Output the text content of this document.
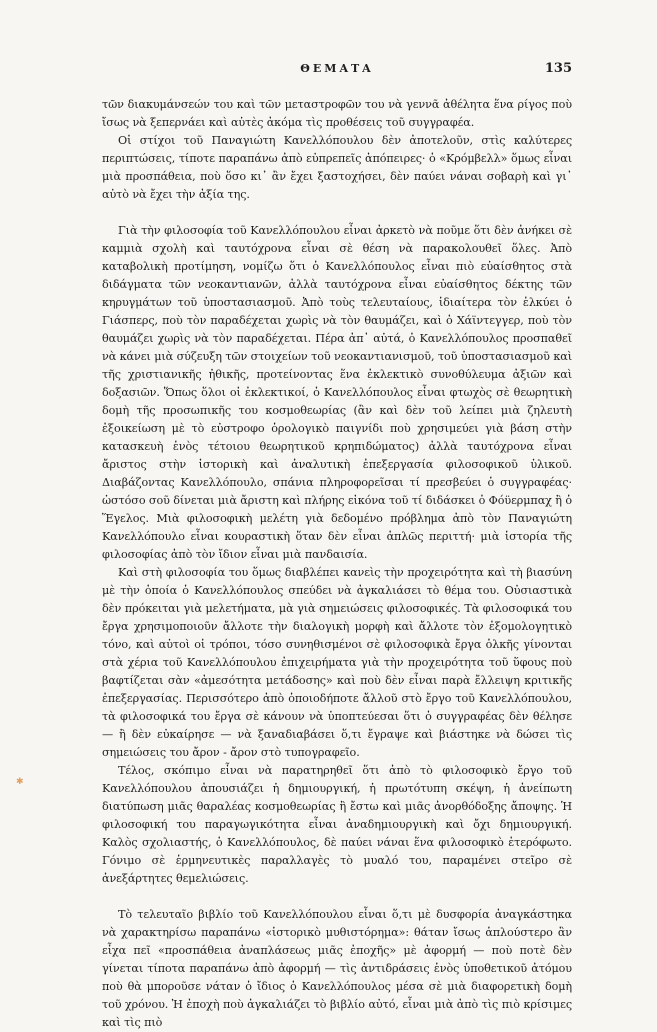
ΘΕΜΑΤΑ	135

τῶν διακυμάνσεών του καὶ τῶν μεταστροφῶν του νὰ γεννᾶ ἀθέλητα ἕνα ρίγος ποὺ ἴσως νὰ ξεπερνάει καὶ αὐτὲς ἀκόμα τὶς προθέσεις τοῦ συγγραφέα.

Οἱ στίχοι τοῦ Παναγιώτη Κανελλόπουλου δὲν ἀποτελοῦν, στὶς καλύτερες περιπτώσεις, τίποτε παραπάνω ἀπὸ εὐπρεπεῖς ἀπόπειρες· ὁ «Κρόμβελλ» ὅμως εἶναι μιὰ προσπάθεια, ποὺ ὅσο κι᾿ ἂν ἔχει ξαστοχήσει, δὲν παύει νάναι σοβαρὴ καὶ γι᾿ αὐτὸ νὰ ἔχει τὴν ἀξία της.

Γιὰ τὴν φιλοσοφία τοῦ Κανελλόπουλου εἶναι ἀρκετὸ νὰ ποῦμε ὅτι δὲν ἀνήκει σὲ καμμιὰ σχολὴ καὶ ταυτόχρονα εἶναι σὲ θέση νὰ παρακολουθεῖ ὅλες. Ἀπὸ καταβολικὴ προτίμηση, νομίζω ὅτι ὁ Κανελλόπουλος εἶναι πιὸ εὐαίσθητος στὰ διδάγματα τῶν νεοκαντιανῶν, ἀλλὰ ταυτόχρονα εἶναι εὐαίσθητος δέκτης τῶν κηρυγμάτων τοῦ ὑποστασιασμοῦ. Ἀπὸ τοὺς τελευταίους, ἰδιαίτερα τὸν ἑλκύει ὁ Γιάσπερς, ποὺ τὸν παραδέχεται χωρὶς νὰ τὸν θαυμάζει, καὶ ὁ Χάϊντεγγερ, ποὺ τὸν θαυμάζει χωρὶς νὰ τὸν παραδέχεται. Πέρα ἀπ᾿ αὐτά, ὁ Κανελλόπουλος προσπαθεῖ νὰ κάνει μιὰ σύζευξη τῶν στοιχείων τοῦ νεοκαντιανισμοῦ, τοῦ ὑποστασιασμοῦ καὶ τῆς χριστιανικῆς ἠθικῆς, προτείνοντας ἕνα ἐκλεκτικὸ συνοθύλευμα ἀξιῶν καὶ δοξασιῶν. Ὅπως ὅλοι οἱ ἐκλεκτικοί, ὁ Κανελλόπουλος εἶναι φτωχὸς σὲ θεωρητικὴ δομὴ τῆς προσωπικῆς του κοσμοθεωρίας (ἂν καὶ δὲν τοῦ λείπει μιὰ ζηλευτὴ ἐξοικείωση μὲ τὸ εὐστροφο ὁρολογικὸ παιγνίδι ποὺ χρησιμεύει γιὰ βάση στὴν κατασκευὴ ἑνὸς τέτοιου θεωρητικοῦ κρηπιδώματος) ἀλλὰ ταυτόχρονα εἶναι ἄριστος στὴν ἱστορικὴ καὶ ἀναλυτικὴ ἐπεξεργασία φιλοσοφικοῦ ὑλικοῦ. Διαβάζοντας Κανελλόπουλο, σπάνια πληροφορεῖσαι τί πρεσβεύει ὁ συγγραφέας· ὡστόσο σοῦ δίνεται μιὰ ἄριστη καὶ πλήρης εἰκόνα τοῦ τί διδάσκει ὁ Φόϋερμπαχ ἢ ὁ Ἕγελος. Μιὰ φιλοσοφικὴ μελέτη γιὰ δεδομένο πρόβλημα ἀπὸ τὸν Παναγιώτη Κανελλόπουλο εἶναι κουραστικὴ ὅταν δὲν εἶναι ἁπλῶς περιττή· μιὰ ἱστορία τῆς φιλοσοφίας ἀπὸ τὸν ἴδιον εἶναι μιὰ πανδαισία.

Καὶ στὴ φιλοσοφία του ὅμως διαβλέπει κανεὶς τὴν προχειρότητα καὶ τὴ βιασύνη μὲ τὴν ὁποία ὁ Κανελλόπουλος σπεύδει νὰ ἀγκαλιάσει τὸ θέμα του. Οὐσιαστικὰ δὲν πρόκειται γιὰ μελετήματα, μὰ γιὰ σημειώσεις φιλοσοφικές. Τὰ φιλοσοφικά του ἔργα χρησιμοποιοῦν ἄλλοτε τὴν διαλογικὴ μορφὴ καὶ ἄλλοτε τὸν ἐξομολογητικὸ τόνο, καὶ αὐτοὶ οἱ τρόποι, τόσο συνηθισμένοι σὲ φιλοσοφικὰ ἔργα ὁλκῆς γίνονται στὰ χέρια τοῦ Κανελλόπουλου ἐπιχειρήματα γιὰ τὴν προχειρότητα τοῦ ὕφους ποὺ βαφτίζεται σὰν «ἀμεσότητα μετάδοσης» καὶ ποὺ δὲν εἶναι παρὰ ἔλλειψη κριτικῆς ἐπεξεργασίας. Περισσότερο ἀπὸ ὁποιοδήποτε ἄλλοῦ στὸ ἔργο τοῦ Κανελλόπουλου, τὰ φιλοσοφικά του ἔργα σὲ κάνουν νὰ ὑποπτεύεσαι ὅτι ὁ συγγραφέας δὲν θέλησε — ἢ δὲν εὐκαίρησε — νὰ ξαναδιαβάσει ὅ,τι ἔγραψε καὶ βιάστηκε νὰ δώσει τὶς σημειώσεις του ἄρον - ἄρον στὸ τυπογραφεῖο.

Τέλος, σκόπιμο εἶναι νὰ παρατηρηθεῖ ὅτι ἀπὸ τὸ φιλοσοφικὸ ἔργο τοῦ Κανελλόπουλου ἀπουσιάζει ἡ δημιουργική, ἡ πρωτότυπη σκέψη, ἡ ἀνείπωτη διατύπωση μιᾶς θαραλέας κοσμοθεωρίας ἢ ἔστω καὶ μιᾶς ἀνορθόδοξης ἄποψης. Ἡ φιλοσοφική του παραγωγικότητα εἶναι ἀναδημιουργικὴ καὶ ὄχι δημιουργική. Καλὸς σχολιαστής, ὁ Κανελλόπουλος, δὲ παύει νάναι ἕνα φιλοσοφικὸ ἑτερόφωτο. Γόνιμο σὲ ἑρμηνευτικὲς παραλλαγὲς τὸ μυαλό του, παραμένει στεῖρο σὲ ἀνεξάρτητες θεμελιώσεις.

Τὸ τελευταῖο βιβλίο τοῦ Κανελλόπουλου εἶναι ὅ,τι μὲ δυσφορία ἀναγκάστηκα νὰ χαρακτηρίσω παραπάνω «ἱστορικὸ μυθιστόρημα»: θάταν ἴσως ἁπλούστερο ἂν εἶχα πεῖ «προσπάθεια ἀναπλάσεως μιᾶς ἐποχῆς» μὲ ἀφορμή — ποὺ ποτὲ δὲν γίνεται τίποτα παραπάνω ἀπὸ ἀφορμή — τὶς ἀντιδράσεις ἑνὸς ὑποθετικοῦ ἀτόμου ποὺ θὰ μποροῦσε νάταν ὁ ἴδιος ὁ Κανελλόπουλος μέσα σὲ μιὰ διαφορετικὴ δομὴ τοῦ χρόνου. Ἡ ἐποχὴ ποὺ ἀγκαλιάζει τὸ βιβλίο αὐτό, εἶναι μιὰ ἀπὸ τὶς πιὸ κρίσιμες καὶ τὶς πιὸ

✱
